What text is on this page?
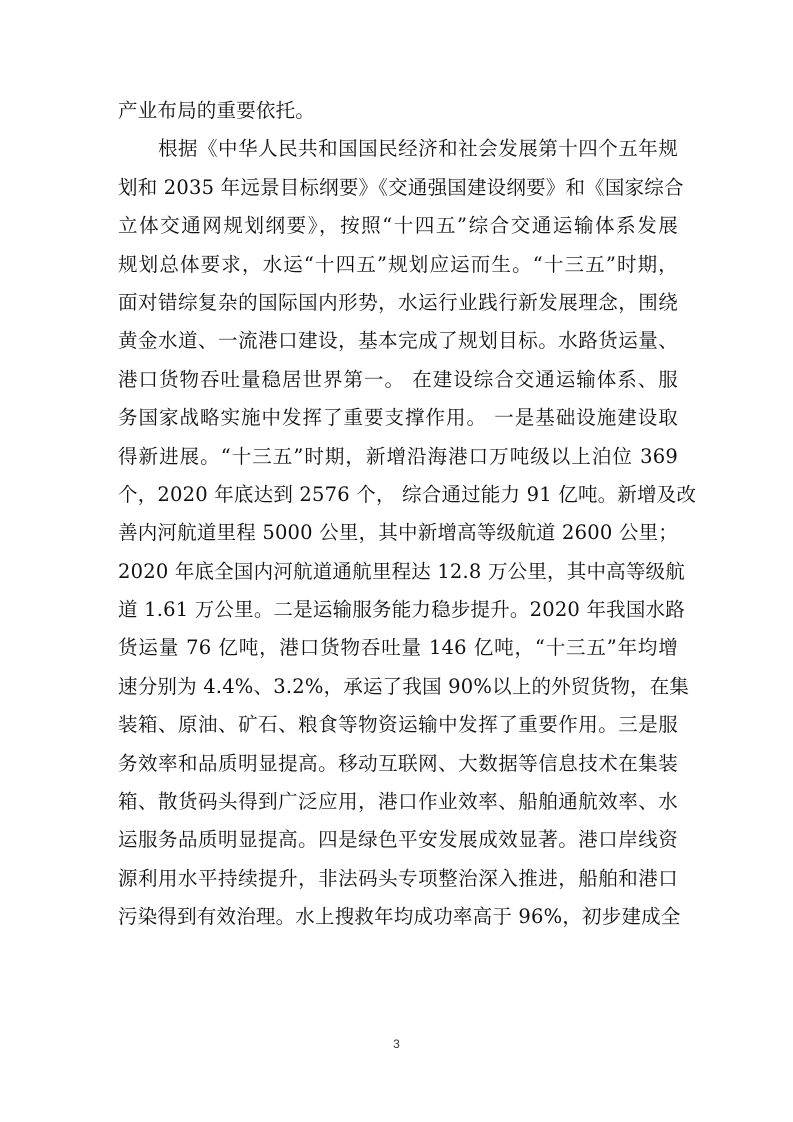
产业布局的重要依托。
　　根据《中华人民共和国国民经济和社会发展第十四个五年规
划和 2035 年远景目标纲要》《交通强国建设纲要》和《国家综合
立体交通网规划纲要》，按照“十四五”综合交通运输体系发展
规划总体要求，水运“十四五”规划应运而生。“十三五”时期，
面对错综复杂的国际国内形势，水运行业践行新发展理念，围绕
黄金水道、一流港口建设，基本完成了规划目标。水路货运量、
港口货物吞吐量稳居世界第一。 在建设综合交通运输体系、服
务国家战略实施中发挥了重要支撑作用。 一是基础设施建设取
得新进展。“十三五”时期，新增沿海港口万吨级以上泊位 369
个，2020 年底达到 2576 个， 综合通过能力 91 亿吨。新增及改
善内河航道里程 5000 公里，其中新增高等级航道 2600 公里；
2020 年底全国内河航道通航里程达 12.8 万公里，其中高等级航
道 1.61 万公里。二是运输服务能力稳步提升。2020 年我国水路
货运量 76 亿吨，港口货物吞吐量 146 亿吨，“十三五”年均增
速分别为 4.4%、3.2%，承运了我国 90%以上的外贸货物，在集
装箱、原油、矿石、粮食等物资运输中发挥了重要作用。三是服
务效率和品质明显提高。移动互联网、大数据等信息技术在集装
箱、散货码头得到广泛应用，港口作业效率、船舶通航效率、水
运服务品质明显提高。四是绿色平安发展成效显著。港口岸线资
源利用水平持续提升，非法码头专项整治深入推进，船舶和港口
污染得到有效治理。水上搜救年均成功率高于 96%，初步建成全
3
